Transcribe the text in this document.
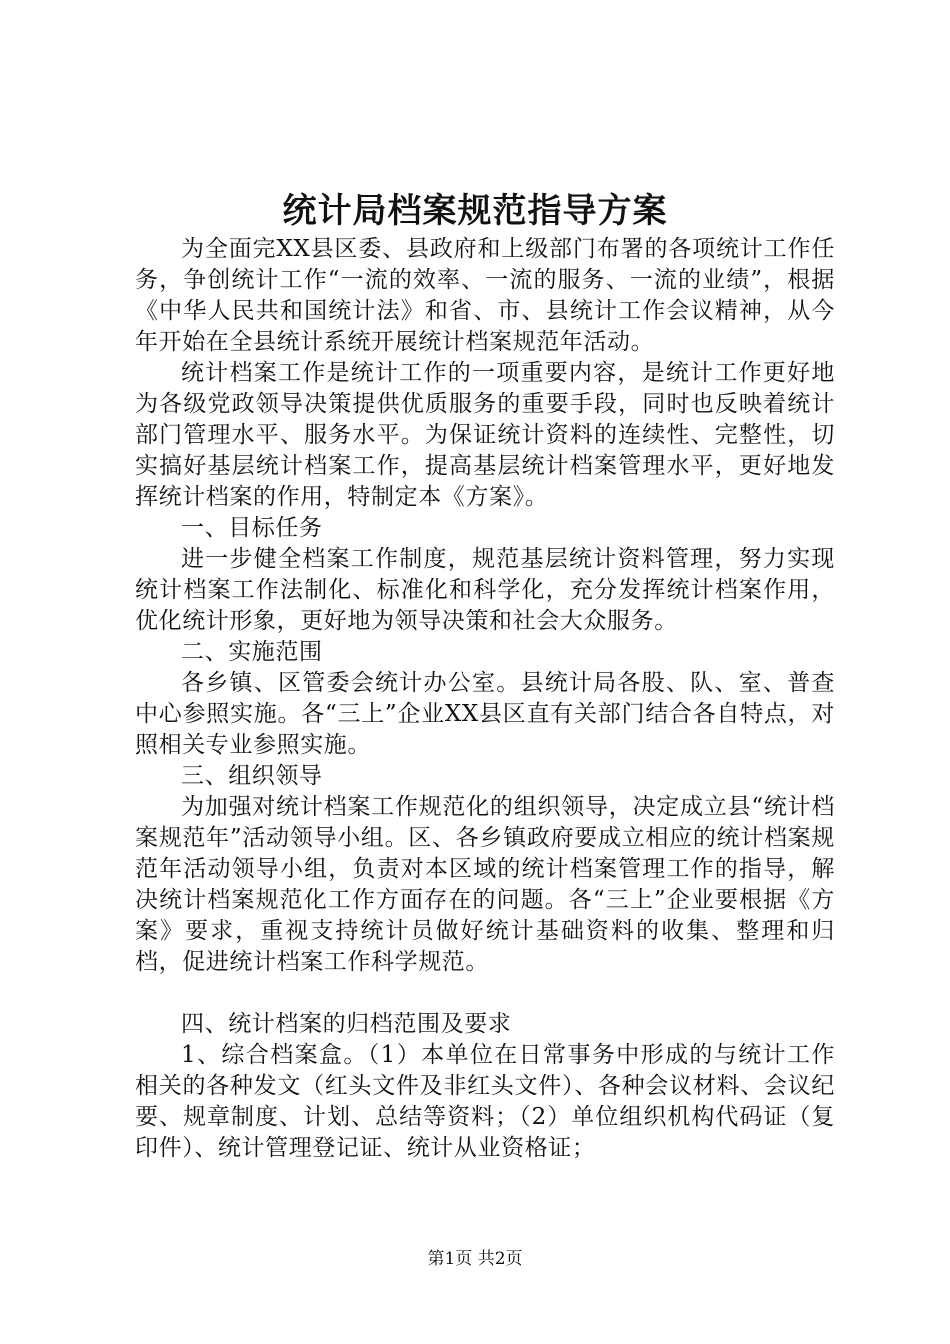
统计局档案规范指导方案

为全面完XX县区委、县政府和上级部门布署的各项统计工作任务，争创统计工作“一流的效率、一流的服务、一流的业绩”，根据《中华人民共和国统计法》和省、市、县统计工作会议精神，从今年开始在全县统计系统开展统计档案规范年活动。

统计档案工作是统计工作的一项重要内容，是统计工作更好地为各级党政领导决策提供优质服务的重要手段，同时也反映着统计部门管理水平、服务水平。为保证统计资料的连续性、完整性，切实搞好基层统计档案工作，提高基层统计档案管理水平，更好地发挥统计档案的作用，特制定本《方案》。

一、目标任务

进一步健全档案工作制度，规范基层统计资料管理，努力实现统计档案工作法制化、标准化和科学化，充分发挥统计档案作用，优化统计形象，更好地为领导决策和社会大众服务。

二、实施范围

各乡镇、区管委会统计办公室。县统计局各股、队、室、普查中心参照实施。各“三上”企业XX县区直有关部门结合各自特点，对照相关专业参照实施。

三、组织领导

为加强对统计档案工作规范化的组织领导，决定成立县“统计档案规范年”活动领导小组。区、各乡镇政府要成立相应的统计档案规范年活动领导小组，负责对本区域的统计档案管理工作的指导，解决统计档案规范化工作方面存在的问题。各“三上”企业要根据《方案》要求，重视支持统计员做好统计基础资料的收集、整理和归档，促进统计档案工作科学规范。

四、统计档案的归档范围及要求

1、综合档案盒。（1）本单位在日常事务中形成的与统计工作相关的各种发文（红头文件及非红头文件）、各种会议材料、会议纪要、规章制度、计划、总结等资料；（2）单位组织机构代码证（复印件）、统计管理登记证、统计从业资格证；

第1页 共2页
